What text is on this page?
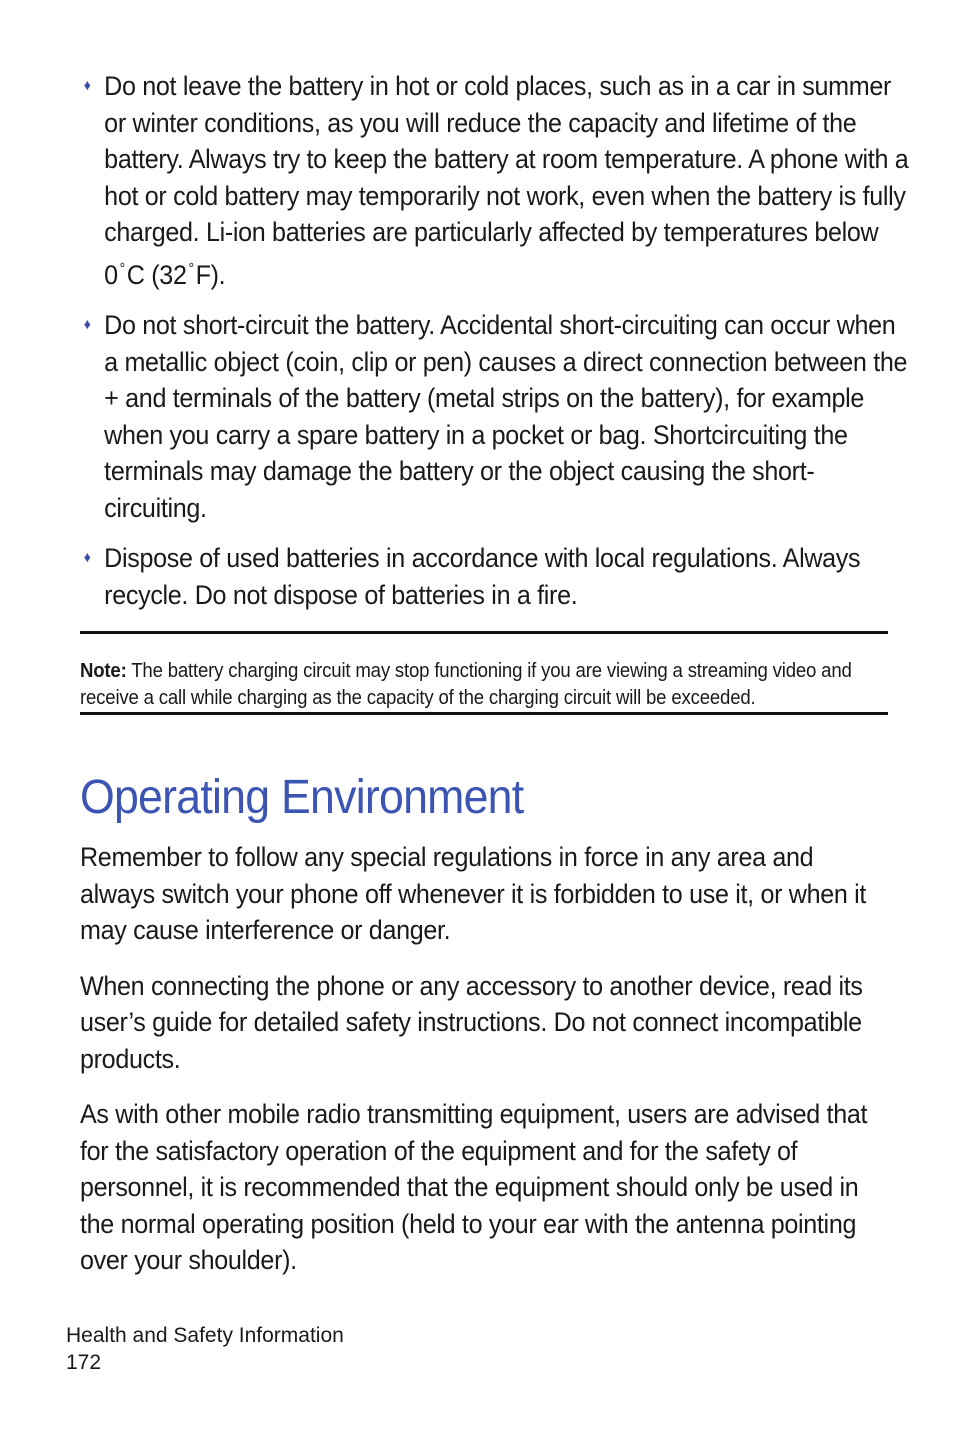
♦ Do not leave the battery in hot or cold places, such as in a car in summer or winter conditions, as you will reduce the capacity and lifetime of the battery. Always try to keep the battery at room temperature. A phone with a hot or cold battery may temporarily not work, even when the battery is fully charged. Li-ion batteries are particularly affected by temperatures below 0 °C (32 °F).
♦ Do not short-circuit the battery. Accidental short-circuiting can occur when a metallic object (coin, clip or pen) causes a direct connection between the + and terminals of the battery (metal strips on the battery), for example when you carry a spare battery in a pocket or bag. Shortcircuiting the terminals may damage the battery or the object causing the short-circuiting.
♦ Dispose of used batteries in accordance with local regulations. Always recycle. Do not dispose of batteries in a fire.
Note: The battery charging circuit may stop functioning if you are viewing a streaming video and receive a call while charging as the capacity of the charging circuit will be exceeded.
Operating Environment

Remember to follow any special regulations in force in any area and always switch your phone off whenever it is forbidden to use it, or when it may cause interference or danger.

When connecting the phone or any accessory to another device, read its user’s guide for detailed safety instructions. Do not connect incompatible products.

As with other mobile radio transmitting equipment, users are advised that for the satisfactory operation of the equipment and for the safety of personnel, it is recommended that the equipment should only be used in the normal operating position (held to your ear with the antenna pointing over your shoulder).

Health and Safety Information
172
